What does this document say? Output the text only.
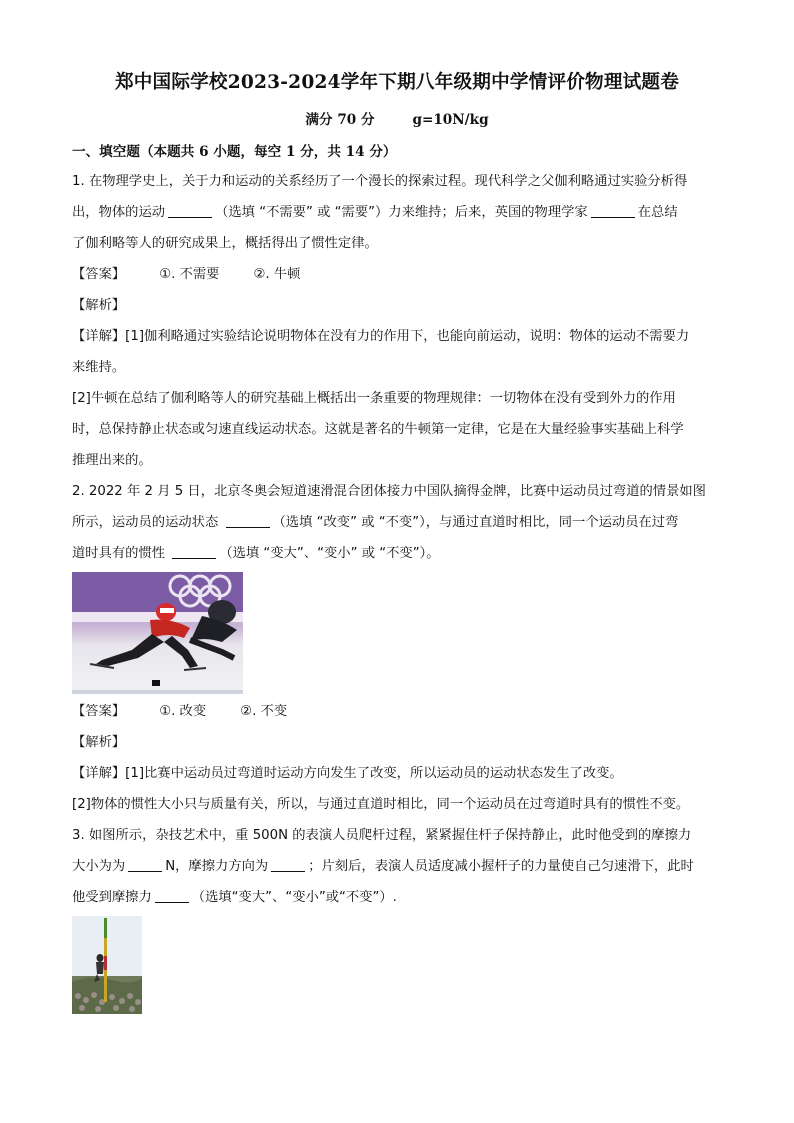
郑中国际学校2023-2024学年下期八年级期中学情评价物理试题卷
满分 70 分        g=10N/kg
一、填空题（本题共 6 小题，每空 1 分，共 14 分）
1. 在物理学史上，关于力和运动的关系经历了一个漫长的探索过程。现代科学之父伽利略通过实验分析得
出，物体的运动	（选填 “不需要” 或 “需要”）力来维持；后来，英国的物理学家	在总结
了伽利略等人的研究成果上，概括得出了惯性定律。
【答案】	①. 不需要	②. 牛顿
【解析】
【详解】[1]伽利略通过实验结论说明物体在没有力的作用下，也能向前运动，说明：物体的运动不需要力
来维持。
[2]牛顿在总结了伽利略等人的研究基础上概括出一条重要的物理规律：一切物体在没有受到外力的作用
时，总保持静止状态或匀速直线运动状态。这就是著名的牛顿第一定律，它是在大量经验事实基础上科学
推理出来的。
2. 2022 年 2 月 5 日，北京冬奥会短道速滑混合团体接力中国队摘得金牌，比赛中运动员过弯道的情景如图
所示，运动员的运动状态	（选填 “改变” 或 “不变”），与通过直道时相比，同一个运动员在过弯
道时具有的惯性	（选填 “变大”、“变小” 或 “不变”）。
【答案】	①. 改变	②. 不变
【解析】
【详解】[1]比赛中运动员过弯道时运动方向发生了改变，所以运动员的运动状态发生了改变。
[2]物体的惯性大小只与质量有关，所以，与通过直道时相比，同一个运动员在过弯道时具有的惯性不变。
3. 如图所示，杂技艺术中，重 500N 的表演人员爬杆过程，紧紧握住杆子保持静止，此时他受到的摩擦力
大小为为	N，摩擦力方向为	；片刻后，表演人员适度减小握杆子的力量使自己匀速滑下，此时
他受到摩擦力	（选填“变大”、“变小”或“不变”）.
